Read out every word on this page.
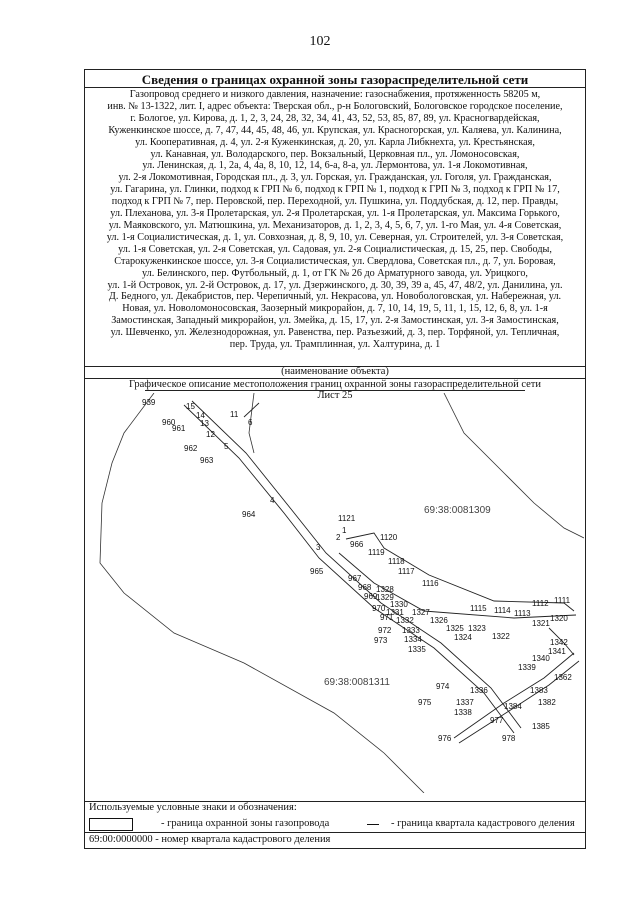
102
Сведения о границах охранной зоны газораспределительной сети
Газопровод среднего и низкого давления, назначение: газоснабжения, протяженность 58205 м,
инв. № 13-1322, лит. I, адрес объекта: Тверская обл., р-н Бологовский, Бологовское городское поселение,
г. Бологое, ул. Кирова, д. 1, 2, 3, 24, 28, 32, 34, 41, 43, 52, 53, 85, 87, 89, ул. Красногвардейская,
Куженкинское шоссе, д. 7, 47, 44, 45, 48, 46, ул. Крупская, ул. Красногорская, ул. Каляева, ул. Калинина,
ул. Кооперативная, д. 4, ул. 2-я Куженкинская, д. 20, ул. Карла Либкнехта, ул. Крестьянская,
ул. Канавная, ул. Володарского, пер. Вокзальный, Церковная пл., ул. Ломоносовская,
ул. Ленинская, д. 1, 2а, 4, 4а, 8, 10, 12, 14, 6-а, 8-а, ул. Лермонтова, ул. 1-я Локомотивная,
ул. 2-я Локомотивная, Городская пл., д. 3, ул. Горская, ул. Гражданская, ул. Гоголя, ул. Гражданская,
ул. Гагарина, ул. Глинки, подход к ГРП № 6, подход к ГРП № 1, подход к ГРП № 3, подход к ГРП № 17,
подход к ГРП № 7, пер. Перовской, пер. Переходной, ул. Пушкина, ул. Поддубская, д. 12, пер. Правды,
ул. Плеханова, ул. 3-я Пролетарская, ул. 2-я Пролетарская, ул. 1-я Пролетарская, ул. Максима Горького,
ул. Маяковского, ул. Матюшкина, ул. Механизаторов, д. 1, 2, 3, 4, 5, 6, 7, ул. 1-го Мая, ул. 4-я Советская,
ул. 1-я Социалистическая, д. 1, ул. Совхозная, д. 8, 9, 10, ул. Северная, ул. Строителей, ул. 3-я Советская,
ул. 1-я Советская, ул. 2-я Советская, ул. Садовая, ул. 2-я Социалистическая, д. 15, 25, пер. Свободы,
Старокуженкинское шоссе, ул. 3-я Социалистическая, ул. Свердлова, Советская пл., д. 7, ул. Боровая,
ул. Белинского, пер. Футбольный, д. 1, от ГК № 26 до Арматурного завода, ул. Урицкого,
ул. 1-й Островок, ул. 2-й Островок, д. 17, ул. Дзержинского, д. 30, 39, 39 а, 45, 47, 48/2, ул. Данилина, ул.
Д. Бедного, ул. Декабристов, пер. Черепичный, ул. Некрасова, ул. Новобологовская, ул. Набережная, ул.
Новая, ул. Новоломоносовская, Заозерный микрорайон, д. 7, 10, 14, 19, 5, 11, 1, 15, 12, 6, 8, ул. 1-я
Замостинская, Западный микрорайон, ул. Змейка, д. 15, 17, ул. 2-я Замостинская, ул. 3-я Замостинская,
ул. Шевченко, ул. Железнодорожная, ул. Равенства, пер. Разъезжий, д. 3, пер. Торфяной, ул. Тепличная,
пер. Труда, ул. Трамплинная, ул. Халтурина, д. 1
(наименование объекта)
Графическое описание местоположения границ охранной зоны газораспределительной сети
Лист 25
Используемые условные знаки и обозначения:
- граница охранной зоны газопровода	- граница квартала кадастрового деления
69:00:0000000 - номер квартала кадастрового деления
69:38:0081309
69:38:0081311
939	15
14
13
960
961
12
11
6
962	5
963
4
964	1121
1
2	1120
3	966
1119
1118
965	1117
967
1116
968 1328
969
1329
1330	1115 1114 1113
1112 1111
970 1331 1327
971 1332 1326	1321
1320
1325 1323
972 1333
1324	1322
973 1334	1342
1335	1341
1340
1339
1362
974	1336	1383
975	1337	1384 1382
1338
977
1385
976	978
